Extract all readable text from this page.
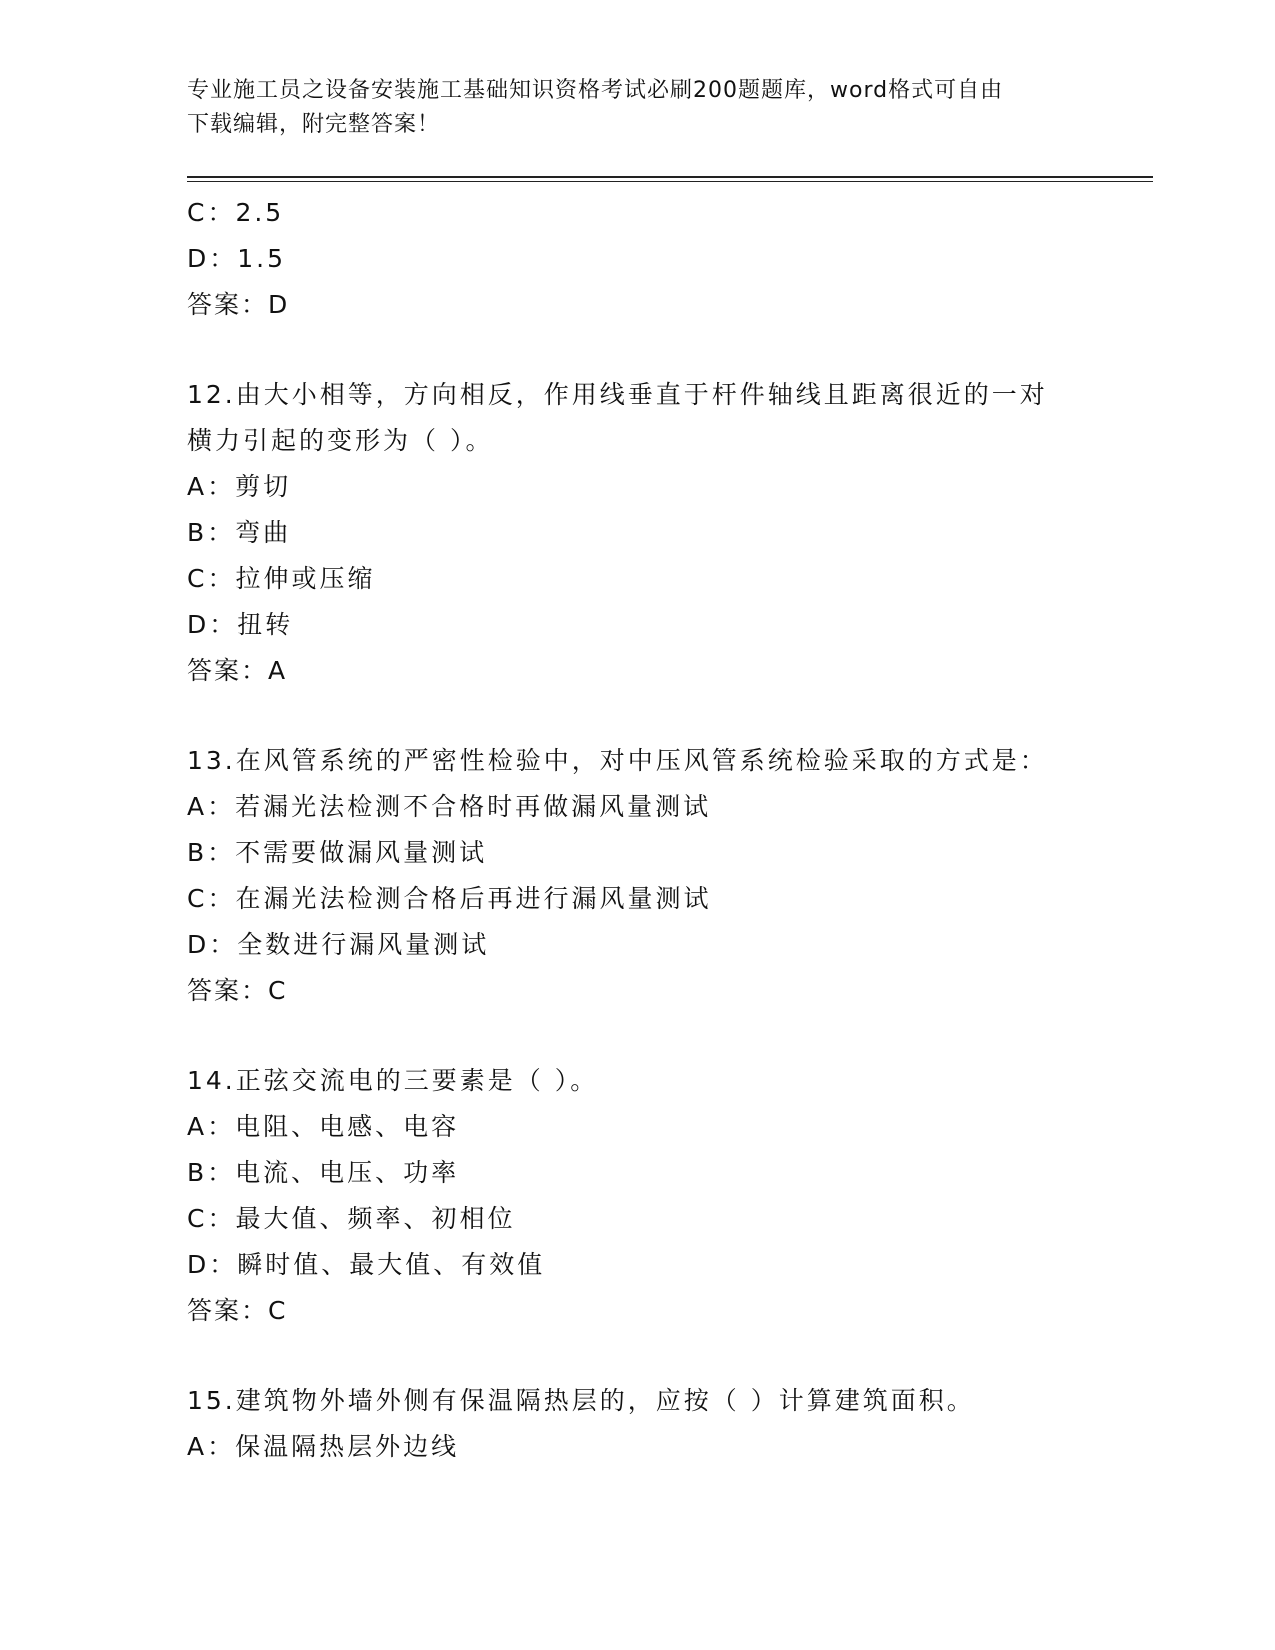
专业施工员之设备安装施工基础知识资格考试必刷200题题库，word格式可自由
下载编辑，附完整答案！
C：2.5
D：1.5
答案：D
12.由大小相等，方向相反，作用线垂直于杆件轴线且距离很近的一对
横力引起的变形为（ ）。
A：剪切
B：弯曲
C：拉伸或压缩
D：扭转
答案：A
13.在风管系统的严密性检验中，对中压风管系统检验采取的方式是：
A：若漏光法检测不合格时再做漏风量测试
B：不需要做漏风量测试
C：在漏光法检测合格后再进行漏风量测试
D：全数进行漏风量测试
答案：C
14.正弦交流电的三要素是（ ）。
A：电阻、电感、电容
B：电流、电压、功率
C：最大值、频率、初相位
D：瞬时值、最大值、有效值
答案：C
15.建筑物外墙外侧有保温隔热层的，应按（ ）计算建筑面积。
A：保温隔热层外边线
